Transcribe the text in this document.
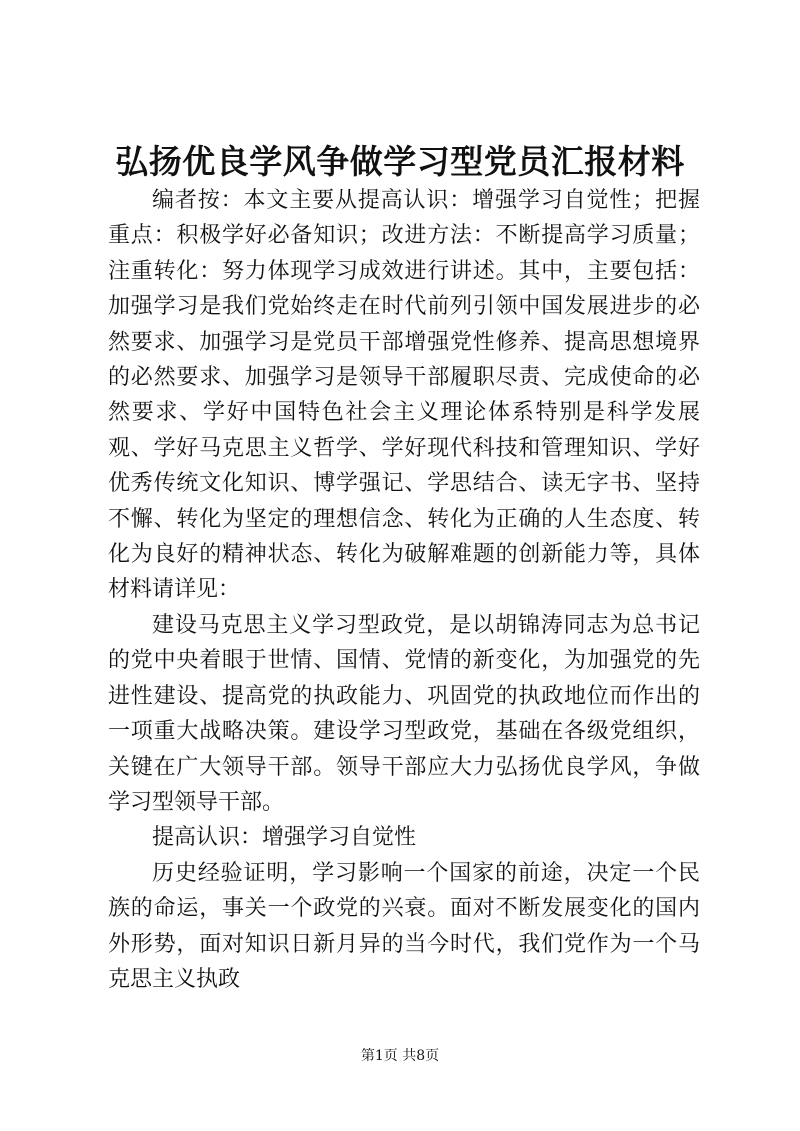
弘扬优良学风争做学习型党员汇报材料

编者按：本文主要从提高认识：增强学习自觉性；把握重点：积极学好必备知识；改进方法：不断提高学习质量；注重转化：努力体现学习成效进行讲述。其中，主要包括：加强学习是我们党始终走在时代前列引领中国发展进步的必然要求、加强学习是党员干部增强党性修养、提高思想境界的必然要求、加强学习是领导干部履职尽责、完成使命的必然要求、学好中国特色社会主义理论体系特别是科学发展观、学好马克思主义哲学、学好现代科技和管理知识、学好优秀传统文化知识、博学强记、学思结合、读无字书、坚持不懈、转化为坚定的理想信念、转化为正确的人生态度、转化为良好的精神状态、转化为破解难题的创新能力等，具体材料请详见：

建设马克思主义学习型政党，是以胡锦涛同志为总书记的党中央着眼于世情、国情、党情的新变化，为加强党的先进性建设、提高党的执政能力、巩固党的执政地位而作出的一项重大战略决策。建设学习型政党，基础在各级党组织，关键在广大领导干部。领导干部应大力弘扬优良学风，争做学习型领导干部。

提高认识：增强学习自觉性

历史经验证明，学习影响一个国家的前途，决定一个民族的命运，事关一个政党的兴衰。面对不断发展变化的国内外形势，面对知识日新月异的当今时代，我们党作为一个马克思主义执政

第1页 共8页
